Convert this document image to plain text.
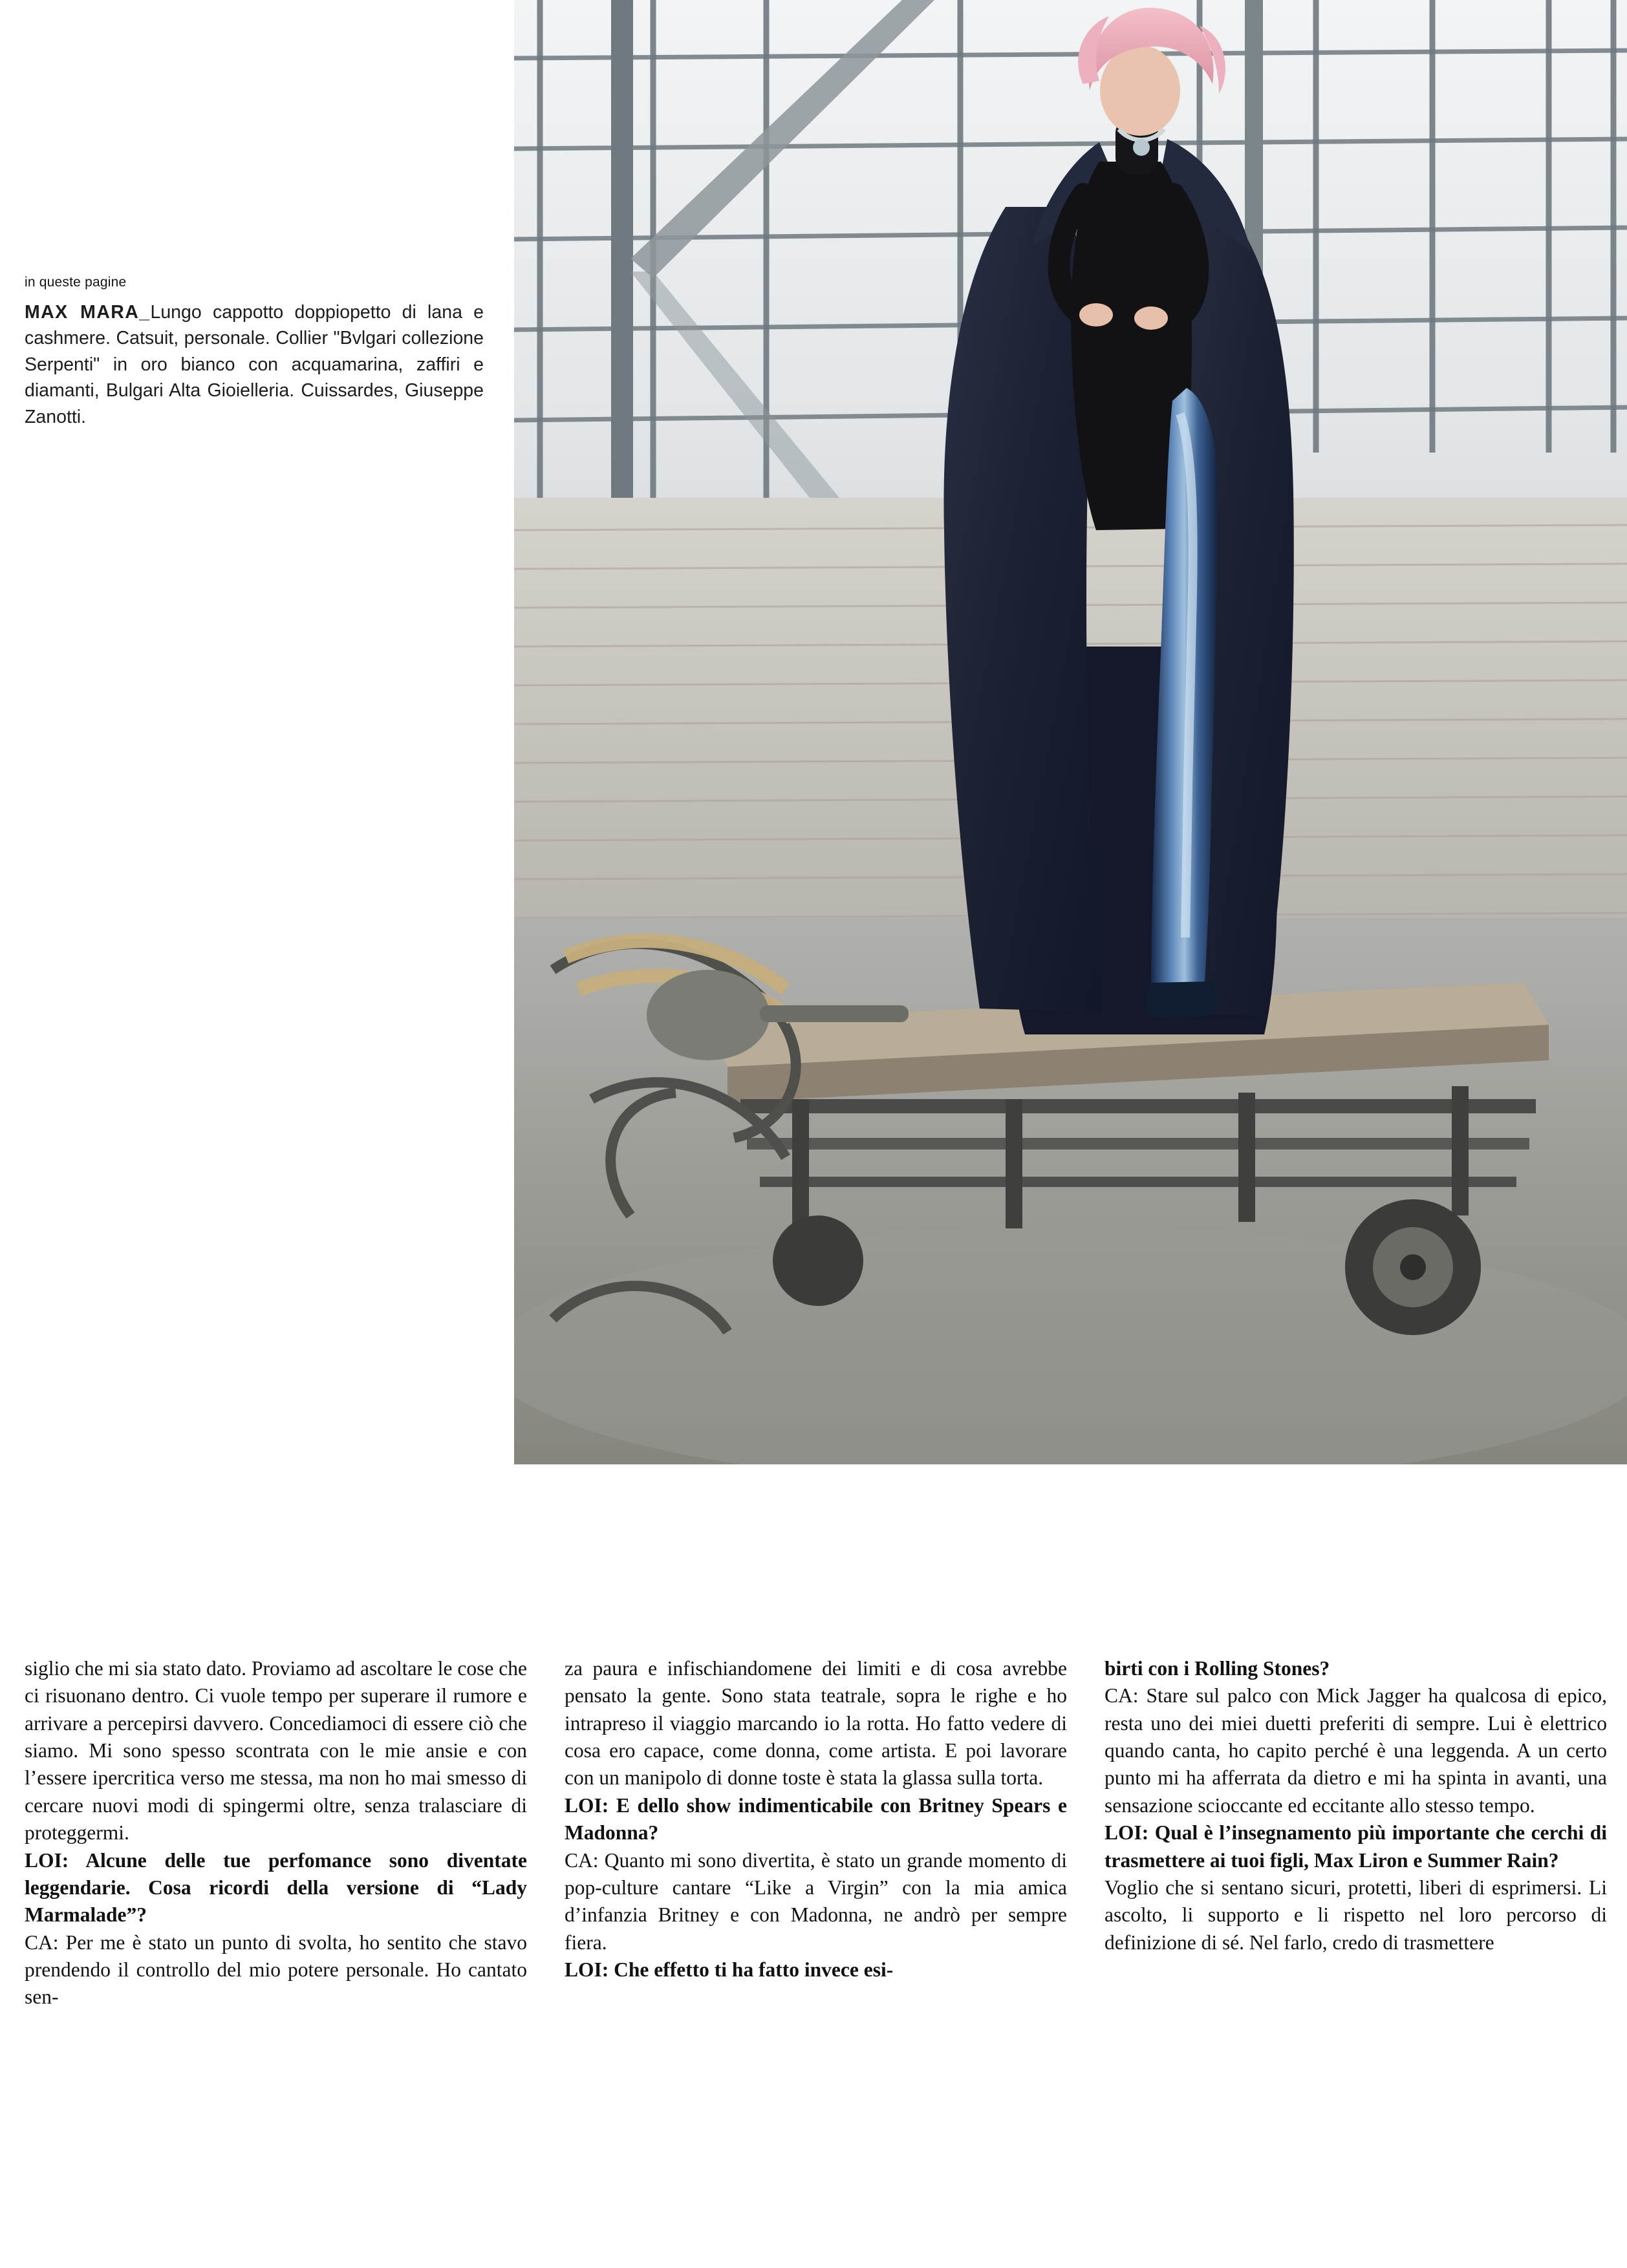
in queste pagine
MAX MARA_Lungo cappotto doppiopetto di lana e cashmere. Catsuit, personale. Collier "Bvlgari collezione Serpenti" in oro bianco con acquamarina, zaffiri e diamanti, Bulgari Alta Gioielleria. Cuissardes, Giuseppe Zanotti.

siglio che mi sia stato dato. Proviamo ad ascoltare le cose che ci risuonano dentro. Ci vuole tempo per superare il rumore e arrivare a percepirsi davvero. Concediamoci di essere ciò che siamo. Mi sono spesso scontrata con le mie ansie e con l’essere ipercritica verso me stessa, ma non ho mai smesso di cercare nuovi modi di spingermi oltre, senza tralasciare di proteggermi.

LOI: Alcune delle tue perfomance sono diventate leggendarie. Cosa ricordi della versione di “Lady Marmalade”?

CA: Per me è stato un punto di svolta, ho sentito che stavo prendendo il controllo del mio potere personale. Ho cantato sen-

za paura e infischiandomene dei limiti e di cosa avrebbe pensato la gente. Sono stata teatrale, sopra le righe e ho intrapreso il viaggio marcando io la rotta. Ho fatto vedere di cosa ero capace, come donna, come artista. E poi lavorare con un manipolo di donne toste è stata la glassa sulla torta.

LOI: E dello show indimenticabile con Britney Spears e Madonna?

CA: Quanto mi sono divertita, è stato un grande momento di pop-culture cantare “Like a Virgin” con la mia amica d’infanzia Britney e con Madonna, ne andrò per sempre fiera.

LOI: Che effetto ti ha fatto invece esi-

birti con i Rolling Stones?

CA: Stare sul palco con Mick Jagger ha qualcosa di epico, resta uno dei miei duetti preferiti di sempre. Lui è elettrico quando canta, ho capito perché è una leggenda. A un certo punto mi ha afferrata da dietro e mi ha spinta in avanti, una sensazione scioccante ed eccitante allo stesso tempo.

LOI: Qual è l’insegnamento più importante che cerchi di trasmettere ai tuoi figli, Max Liron e Summer Rain?

Voglio che si sentano sicuri, protetti, liberi di esprimersi. Li ascolto, li supporto e li rispetto nel loro percorso di definizione di sé. Nel farlo, credo di trasmettere
